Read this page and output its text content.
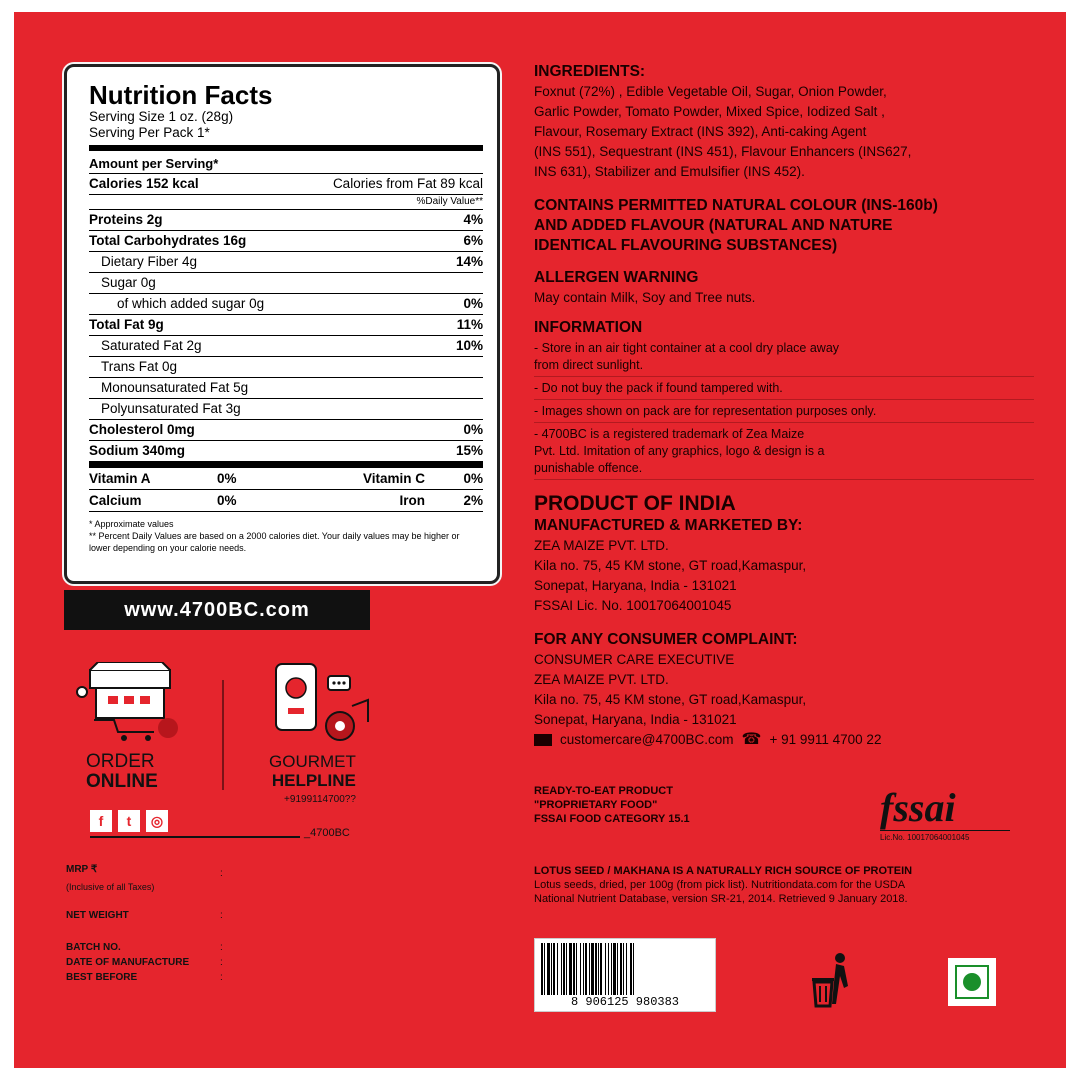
Nutrition Facts
Serving Size 1 oz. (28g)
Serving Per Pack 1*
Amount per Serving*
Calories 152 kcal	Calories from Fat 89 kcal
%Daily Value**
Proteins 2g	4%
Total Carbohydrates 16g	6%
Dietary Fiber 4g	14%
Sugar 0g
of which added sugar 0g	0%
Total Fat 9g	11%
Saturated Fat 2g	10%
Trans Fat 0g
Monounsaturated Fat 5g
Polyunsaturated Fat 3g
Cholesterol 0mg	0%
Sodium 340mg	15%
Vitamin A	0%	Vitamin C	0%
Calcium	0%	Iron	2%
* Approximate values
** Percent Daily Values are based on a 2000 calories diet. Your daily values may be higher or lower depending on your calorie needs.
www.4700BC.com
ORDER
ONLINE
GOURMET
HELPLINE
+9199114700??
f	t	◎
_4700BC
MRP ₹
(Inclusive of all Taxes)
:
NET WEIGHT	:
BATCH NO.	:
DATE OF MANUFACTURE	:
BEST BEFORE	:
INGREDIENTS:
Foxnut (72%) , Edible Vegetable Oil, Sugar, Onion Powder,
Garlic Powder, Tomato Powder, Mixed Spice, Iodized Salt ,
Flavour, Rosemary Extract (INS 392), Anti-caking Agent
(INS 551), Sequestrant (INS 451), Flavour Enhancers (INS627,
INS 631), Stabilizer and Emulsifier (INS 452).
CONTAINS PERMITTED NATURAL COLOUR (INS-160b)
AND ADDED FLAVOUR (NATURAL AND NATURE
IDENTICAL FLAVOURING SUBSTANCES)
ALLERGEN WARNING
May contain Milk, Soy and Tree nuts.
INFORMATION
- Store in an air tight container at a cool dry place away
from direct sunlight.
- Do not buy the pack if found tampered with.
- Images shown on pack are for representation purposes only.
- 4700BC is a registered trademark of Zea Maize
Pvt. Ltd. Imitation of any graphics, logo & design is a
punishable offence.
PRODUCT OF INDIA
MANUFACTURED & MARKETED BY:
ZEA MAIZE PVT. LTD.
Kila no. 75, 45 KM stone, GT road,Kamaspur,
Sonepat, Haryana, India - 131021
FSSAI Lic. No. 10017064001045
FOR ANY CONSUMER COMPLAINT:
CONSUMER CARE EXECUTIVE
ZEA MAIZE PVT. LTD.
Kila no. 75, 45 KM stone, GT road,Kamaspur,
Sonepat, Haryana, India - 131021
customercare@4700BC.com ☎ + 91 9911 4700 22
READY-TO-EAT PRODUCT
"PROPRIETARY FOOD"
FSSAI FOOD CATEGORY 15.1	fssai
Lic.No. 10017064001045
LOTUS SEED / MAKHANA IS A NATURALLY RICH SOURCE OF PROTEIN
Lotus seeds, dried, per 100g (from pick list). Nutritiondata.com for the USDA
National Nutrient Database, version SR-21, 2014. Retrieved 9 January 2018.
8 906125 980383
